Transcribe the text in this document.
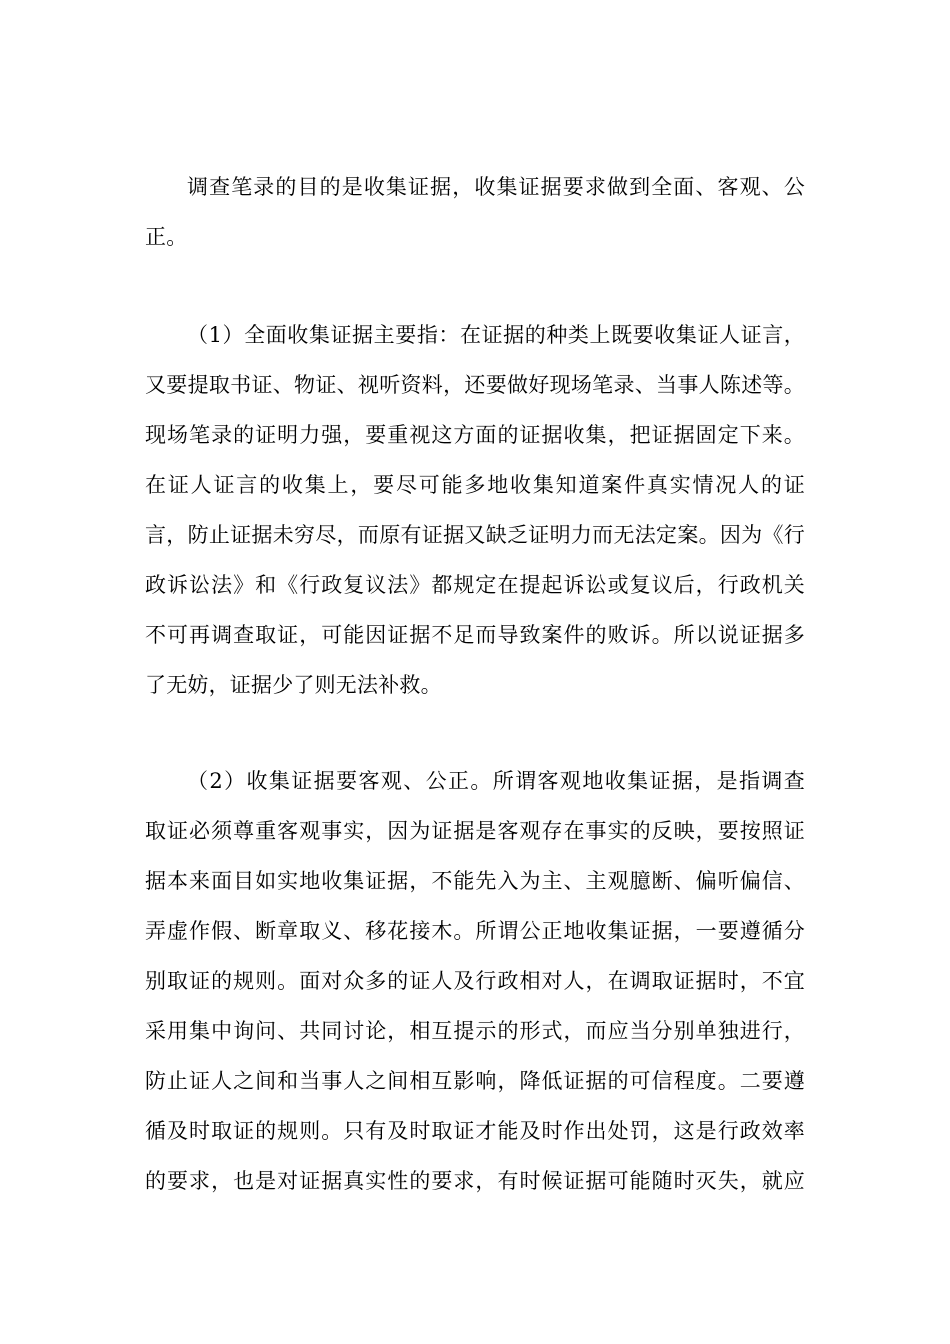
调查笔录的目的是收集证据，收集证据要求做到全面、客观、公
正。
（1）全面收集证据主要指：在证据的种类上既要收集证人证言，
又要提取书证、物证、视听资料，还要做好现场笔录、当事人陈述等。
现场笔录的证明力强，要重视这方面的证据收集，把证据固定下来。
在证人证言的收集上，要尽可能多地收集知道案件真实情况人的证
言，防止证据未穷尽，而原有证据又缺乏证明力而无法定案。因为《行
政诉讼法》和《行政复议法》都规定在提起诉讼或复议后，行政机关
不可再调查取证，可能因证据不足而导致案件的败诉。所以说证据多
了无妨，证据少了则无法补救。
（2）收集证据要客观、公正。所谓客观地收集证据，是指调查
取证必须尊重客观事实，因为证据是客观存在事实的反映，要按照证
据本来面目如实地收集证据，不能先入为主、主观臆断、偏听偏信、
弄虚作假、断章取义、移花接木。所谓公正地收集证据，一要遵循分
别取证的规则。面对众多的证人及行政相对人，在调取证据时，不宜
采用集中询问、共同讨论，相互提示的形式，而应当分别单独进行，
防止证人之间和当事人之间相互影响，降低证据的可信程度。二要遵
循及时取证的规则。只有及时取证才能及时作出处罚，这是行政效率
的要求，也是对证据真实性的要求，有时候证据可能随时灭失，就应
